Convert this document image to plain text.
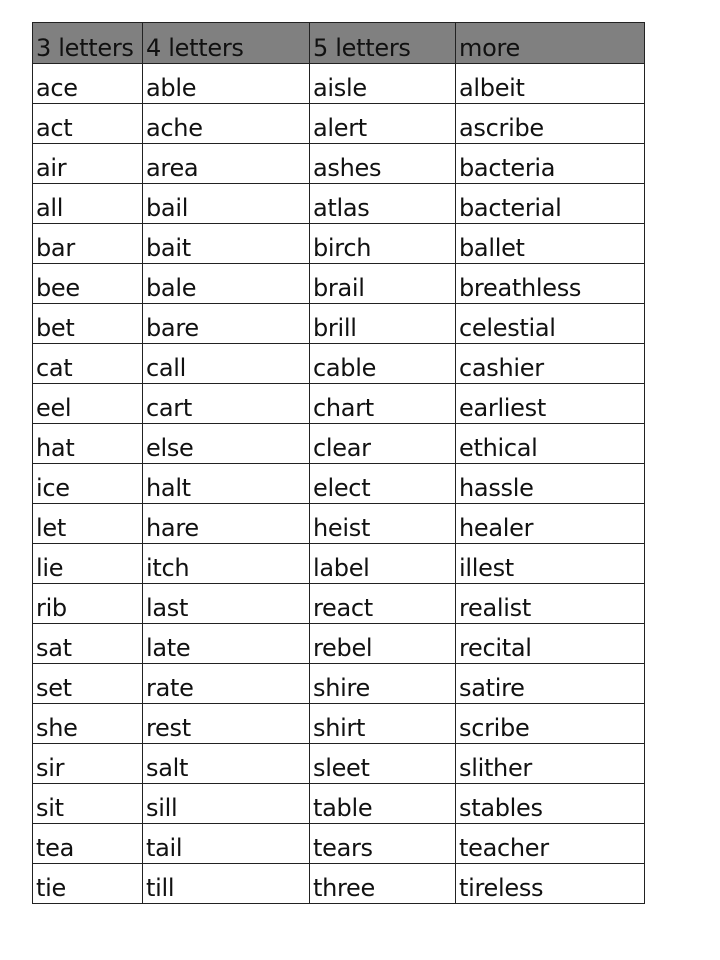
3 letters	4 letters	5 letters	more
ace	able	aisle	albeit
act	ache	alert	ascribe
air	area	ashes	bacteria
all	bail	atlas	bacterial
bar	bait	birch	ballet
bee	bale	brail	breathless
bet	bare	brill	celestial
cat	call	cable	cashier
eel	cart	chart	earliest
hat	else	clear	ethical
ice	halt	elect	hassle
let	hare	heist	healer
lie	itch	label	illest
rib	last	react	realist
sat	late	rebel	recital
set	rate	shire	satire
she	rest	shirt	scribe
sir	salt	sleet	slither
sit	sill	table	stables
tea	tail	tears	teacher
tie	till	three	tireless
